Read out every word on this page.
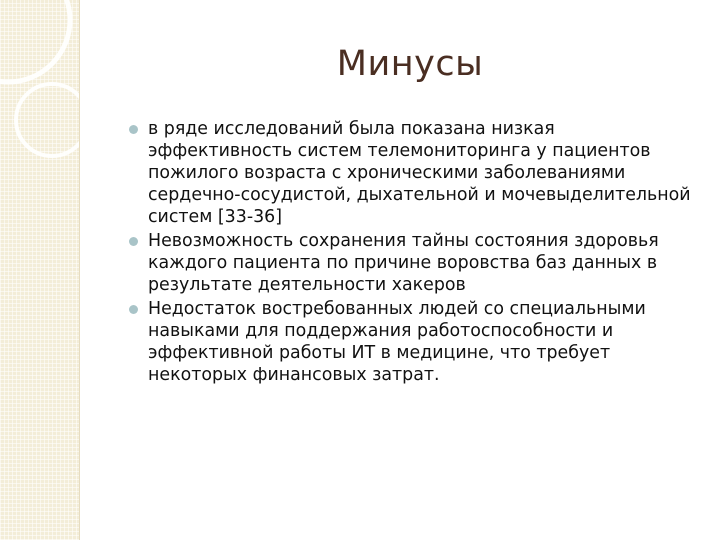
Минусы
в ряде исследований была показана низкая эффективность систем телемониторинга у пациентов пожилого возраста с хроническими заболеваниями сердечно-сосудистой, дыхательной и мочевыделительной систем [33-36]
Невозможность сохранения тайны состояния здоровья каждого пациента по причине воровства баз данных в результате деятельности хакеров
Недостаток востребованных людей со специальными навыками для поддержания работоспособности и эффективной работы ИТ в медицине, что требует некоторых финансовых затрат.
